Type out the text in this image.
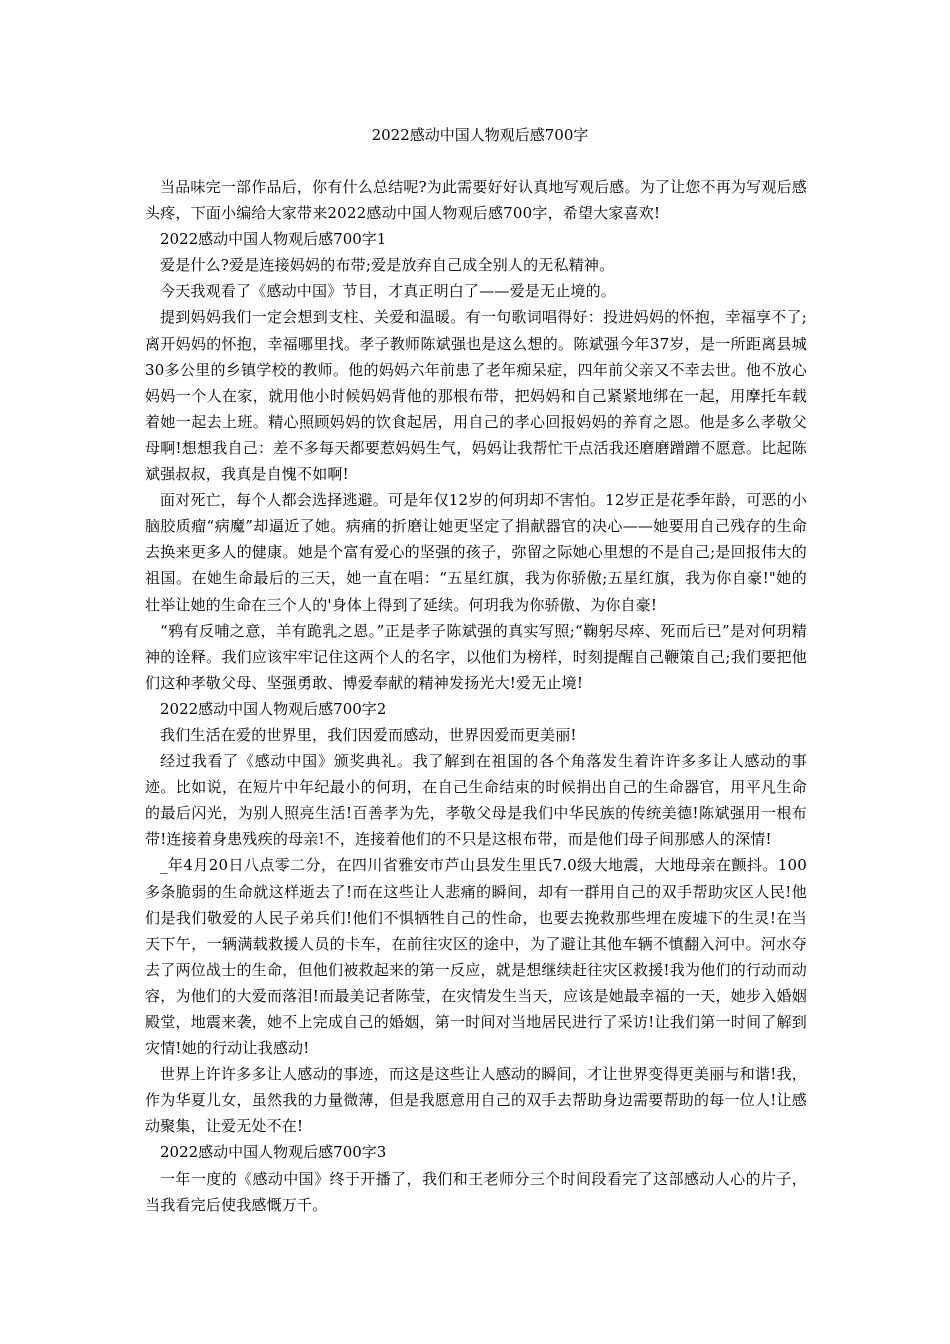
2022感动中国人物观后感700字

当品味完一部作品后，你有什么总结呢?为此需要好好认真地写观后感。为了让您不再为写观后感头疼，下面小编给大家带来2022感动中国人物观后感700字，希望大家喜欢!

2022感动中国人物观后感700字1

爱是什么?爱是连接妈妈的布带;爱是放弃自己成全别人的无私精神。

今天我观看了《感动中国》节目，才真正明白了——爱是无止境的。

提到妈妈我们一定会想到支柱、关爱和温暖。有一句歌词唱得好：投进妈妈的怀抱，幸福享不了;离开妈妈的怀抱，幸福哪里找。孝子教师陈斌强也是这么想的。陈斌强今年37岁，是一所距离县城30多公里的乡镇学校的教师。他的妈妈六年前患了老年痴呆症，四年前父亲又不幸去世。他不放心妈妈一个人在家，就用他小时候妈妈背他的那根布带，把妈妈和自己紧紧地绑在一起，用摩托车载着她一起去上班。精心照顾妈妈的饮食起居，用自己的孝心回报妈妈的养育之恩。他是多么孝敬父母啊!想想我自己：差不多每天都要惹妈妈生气，妈妈让我帮忙干点活我还磨磨蹭蹭不愿意。比起陈斌强叔叔，我真是自愧不如啊!

面对死亡，每个人都会选择逃避。可是年仅12岁的何玥却不害怕。12岁正是花季年龄，可恶的小脑胶质瘤“病魔”却逼近了她。病痛的折磨让她更坚定了捐献器官的决心——她要用自己残存的生命去换来更多人的健康。她是个富有爱心的坚强的孩子，弥留之际她心里想的不是自己;是回报伟大的祖国。在她生命最后的三天，她一直在唱：“五星红旗，我为你骄傲;五星红旗，我为你自豪!"她的壮举让她的生命在三个人的'身体上得到了延续。何玥我为你骄傲、为你自豪!

“鸦有反哺之意，羊有跪乳之恩。”正是孝子陈斌强的真实写照;“鞠躬尽瘁、死而后已”是对何玥精神的诠释。我们应该牢牢记住这两个人的名字，以他们为榜样，时刻提醒自己鞭策自己;我们要把他们这种孝敬父母、坚强勇敢、博爱奉献的精神发扬光大!爱无止境!

2022感动中国人物观后感700字2

我们生活在爱的世界里，我们因爱而感动，世界因爱而更美丽!

经过我看了《感动中国》颁奖典礼。我了解到在祖国的各个角落发生着许许多多让人感动的事迹。比如说，在短片中年纪最小的何玥，在自己生命结束的时候捐出自己的生命器官，用平凡生命的最后闪光，为别人照亮生活!百善孝为先，孝敬父母是我们中华民族的传统美德!陈斌强用一根布带!连接着身患残疾的母亲!不，连接着他们的不只是这根布带，而是他们母子间那感人的深情!

_年4月20日八点零二分，在四川省雅安市芦山县发生里氏7.0级大地震，大地母亲在颤抖。100多条脆弱的生命就这样逝去了!而在这些让人悲痛的瞬间，却有一群用自己的双手帮助灾区人民!他们是我们敬爱的人民子弟兵们!他们不惧牺牲自己的性命，也要去挽救那些埋在废墟下的生灵!在当天下午，一辆满载救援人员的卡车，在前往灾区的途中，为了避让其他车辆不慎翻入河中。河水夺去了两位战士的生命，但他们被救起来的第一反应，就是想继续赶往灾区救援!我为他们的行动而动容，为他们的大爱而落泪!而最美记者陈莹，在灾情发生当天，应该是她最幸福的一天，她步入婚姻殿堂，地震来袭，她不上完成自己的婚姻，第一时间对当地居民进行了采访!让我们第一时间了解到灾情!她的行动让我感动!

世界上许许多多让人感动的事迹，而这是这些让人感动的瞬间，才让世界变得更美丽与和谐!我，作为华夏儿女，虽然我的力量微薄，但是我愿意用自己的双手去帮助身边需要帮助的每一位人!让感动聚集，让爱无处不在!

2022感动中国人物观后感700字3

一年一度的《感动中国》终于开播了，我们和王老师分三个时间段看完了这部感动人心的片子，当我看完后使我感慨万千。
